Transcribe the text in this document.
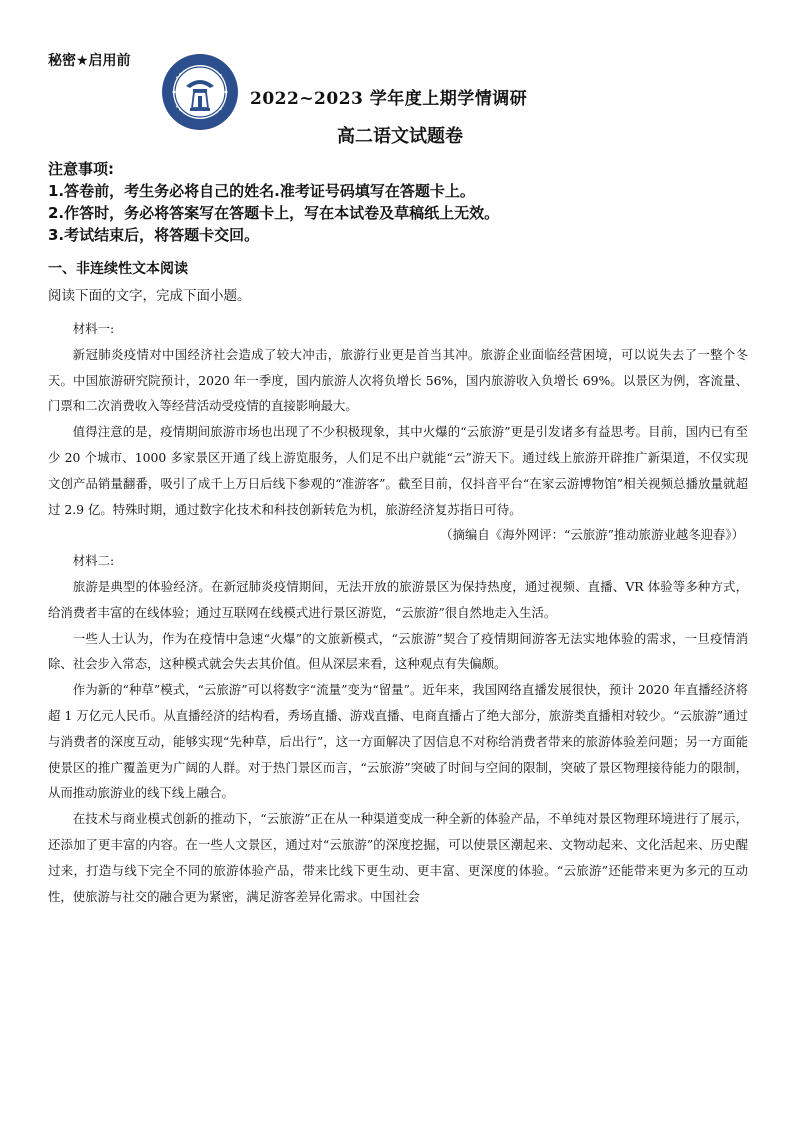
秘密★启用前
2022~2023 学年度上期学情调研
高二语文试题卷
注意事项:
1.答卷前，考生务必将自己的姓名.准考证号码填写在答题卡上。
2.作答时，务必将答案写在答题卡上，写在本试卷及草稿纸上无效。
3.考试结束后，将答题卡交回。
一、非连续性文本阅读
阅读下面的文字，完成下面小题。

材料一:

新冠肺炎疫情对中国经济社会造成了较大冲击，旅游行业更是首当其冲。旅游企业面临经营困境，可以说失去了一整个冬天。中国旅游研究院预计，2020 年一季度，国内旅游人次将负增长 56%，国内旅游收入负增长 69%。以景区为例，客流量、门票和二次消费收入等经营活动受疫情的直接影响最大。

值得注意的是，疫情期间旅游市场也出现了不少积极现象，其中火爆的“云旅游”更是引发诸多有益思考。目前，国内已有至少 20 个城市、1000 多家景区开通了线上游览服务，人们足不出户就能“云”游天下。通过线上旅游开辟推广新渠道，不仅实现文创产品销量翻番，吸引了成千上万日后线下参观的“准游客”。截至目前，仅抖音平台“在家云游博物馆”相关视频总播放量就超过 2.9 亿。特殊时期，通过数字化技术和科技创新转危为机，旅游经济复苏指日可待。

（摘编自《海外网评：“云旅游”推动旅游业越冬迎春》）

材料二:

旅游是典型的体验经济。在新冠肺炎疫情期间，无法开放的旅游景区为保持热度，通过视频、直播、VR 体验等多种方式，给消费者丰富的在线体验；通过互联网在线模式进行景区游览，“云旅游”很自然地走入生活。

一些人士认为，作为在疫情中急速“火爆”的文旅新模式，“云旅游”契合了疫情期间游客无法实地体验的需求，一旦疫情消除、社会步入常态，这种模式就会失去其价值。但从深层来看，这种观点有失偏颇。

作为新的“种草”模式，“云旅游”可以将数字“流量”变为“留量”。近年来，我国网络直播发展很快，预计 2020 年直播经济将超 1 万亿元人民币。从直播经济的结构看，秀场直播、游戏直播、电商直播占了绝大部分，旅游类直播相对较少。“云旅游”通过与消费者的深度互动，能够实现“先种草，后出行”，这一方面解决了因信息不对称给消费者带来的旅游体验差问题；另一方面能使景区的推广覆盖更为广阔的人群。对于热门景区而言，“云旅游”突破了时间与空间的限制，突破了景区物理接待能力的限制，从而推动旅游业的线下线上融合。

在技术与商业模式创新的推动下，“云旅游”正在从一种渠道变成一种全新的体验产品，不单纯对景区物理环境进行了展示，还添加了更丰富的内容。在一些人文景区，通过对“云旅游”的深度挖掘，可以使景区潮起来、文物动起来、文化活起来、历史醒过来，打造与线下完全不同的旅游体验产品，带来比线下更生动、更丰富、更深度的体验。“云旅游”还能带来更为多元的互动性，使旅游与社交的融合更为紧密，满足游客差异化需求。中国社会
